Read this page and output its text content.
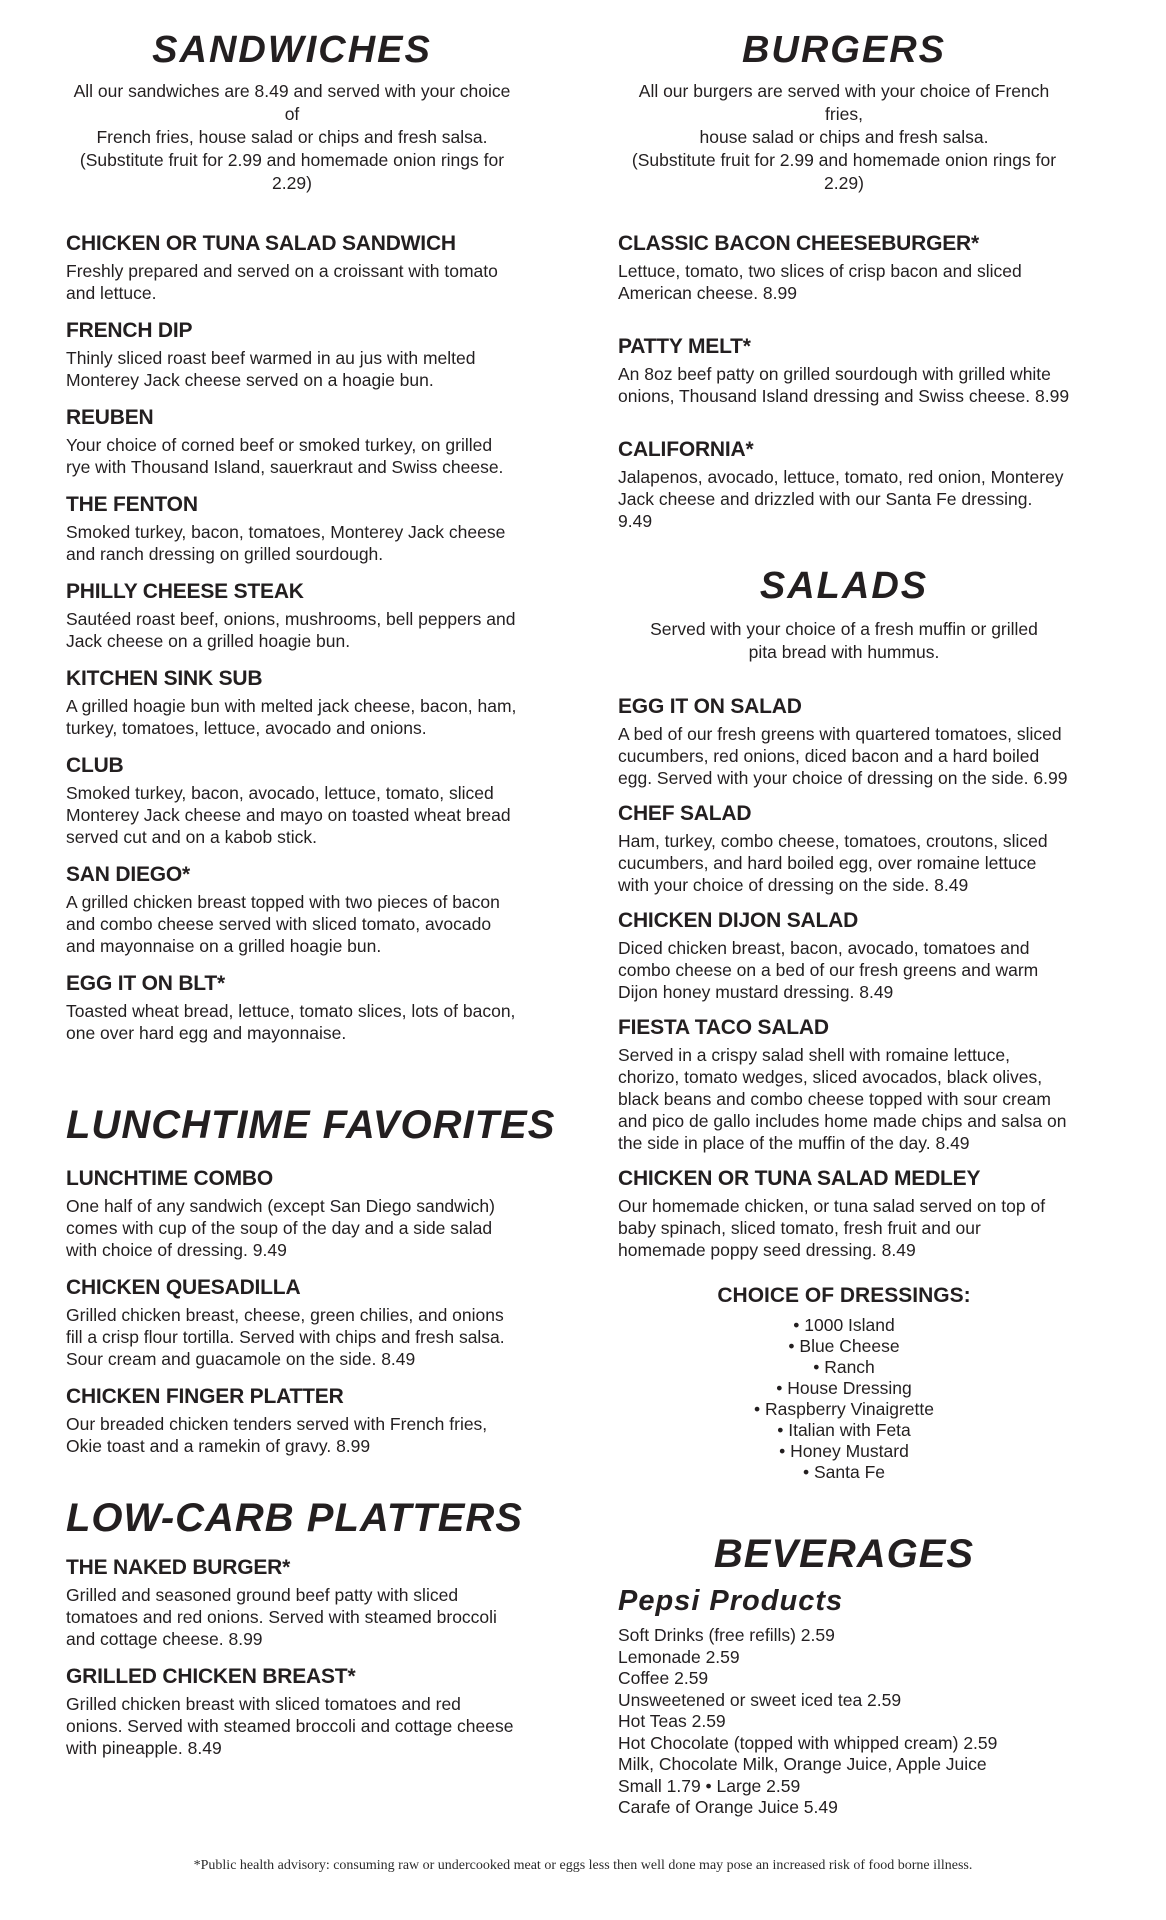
SANDWICHES
All our sandwiches are 8.49 and served with your choice of
French fries, house salad or chips and fresh salsa.
(Substitute fruit for 2.99 and homemade onion rings for 2.29)
CHICKEN OR TUNA SALAD SANDWICH
Freshly prepared and served on a croissant with tomato and lettuce.
FRENCH DIP
Thinly sliced roast beef warmed in au jus with melted Monterey Jack cheese served on a hoagie bun.
REUBEN
Your choice of corned beef or smoked turkey, on grilled rye with Thousand Island, sauerkraut and Swiss cheese.
THE FENTON
Smoked turkey, bacon, tomatoes, Monterey Jack cheese and ranch dressing on grilled sourdough.
PHILLY CHEESE STEAK
Sautéed roast beef, onions, mushrooms, bell peppers and Jack cheese on a grilled hoagie bun.
KITCHEN SINK SUB
A grilled hoagie bun with melted jack cheese, bacon, ham, turkey, tomatoes, lettuce, avocado and onions.
CLUB
Smoked turkey, bacon, avocado, lettuce, tomato, sliced Monterey Jack cheese and mayo on toasted wheat bread served cut and on a kabob stick.
SAN DIEGO*
A grilled chicken breast topped with two pieces of bacon and combo cheese served with sliced tomato, avocado and mayonnaise on a grilled hoagie bun.
EGG IT ON BLT*
Toasted wheat bread, lettuce, tomato slices, lots of bacon, one over hard egg and mayonnaise.
LUNCHTIME FAVORITES
LUNCHTIME COMBO
One half of any sandwich (except San Diego sandwich) comes with cup of the soup of the day and a side salad with choice of dressing. 9.49
CHICKEN QUESADILLA
Grilled chicken breast, cheese, green chilies, and onions fill a crisp flour tortilla. Served with chips and fresh salsa. Sour cream and guacamole on the side. 8.49
CHICKEN FINGER PLATTER
Our breaded chicken tenders served with French fries, Okie toast and a ramekin of gravy. 8.99
LOW-CARB PLATTERS
THE NAKED BURGER*
Grilled and seasoned ground beef patty with sliced tomatoes and red onions. Served with steamed broccoli and cottage cheese. 8.99
GRILLED CHICKEN BREAST*
Grilled chicken breast with sliced tomatoes and red onions. Served with steamed broccoli and cottage cheese with pineapple. 8.49
BURGERS
All our burgers are served with your choice of French fries,
house salad or chips and fresh salsa.
(Substitute fruit for 2.99 and homemade onion rings for 2.29)
CLASSIC BACON CHEESEBURGER*
Lettuce, tomato, two slices of crisp bacon and sliced American cheese. 8.99
PATTY MELT*
An 8oz beef patty on grilled sourdough with grilled white onions, Thousand Island dressing and Swiss cheese. 8.99
CALIFORNIA*
Jalapenos, avocado, lettuce, tomato, red onion, Monterey Jack cheese and drizzled with our Santa Fe dressing. 9.49
SALADS
Served with your choice of a fresh muffin or grilled
pita bread with hummus.
EGG IT ON SALAD
A bed of our fresh greens with quartered tomatoes, sliced cucumbers, red onions, diced bacon and a hard boiled egg. Served with your choice of dressing on the side. 6.99
CHEF SALAD
Ham, turkey, combo cheese, tomatoes, croutons, sliced cucumbers, and hard boiled egg, over romaine lettuce with your choice of dressing on the side. 8.49
CHICKEN DIJON SALAD
Diced chicken breast, bacon, avocado, tomatoes and combo cheese on a bed of our fresh greens and warm Dijon honey mustard dressing. 8.49
FIESTA TACO SALAD
Served in a crispy salad shell with romaine lettuce, chorizo, tomato wedges, sliced avocados, black olives, black beans and combo cheese topped with sour cream and pico de gallo includes home made chips and salsa on the side in place of the muffin of the day. 8.49
CHICKEN OR TUNA SALAD MEDLEY
Our homemade chicken, or tuna salad served on top of baby spinach, sliced tomato, fresh fruit and our homemade poppy seed dressing. 8.49
CHOICE OF DRESSINGS:
• 1000 Island
• Blue Cheese
• Ranch
• House Dressing
• Raspberry Vinaigrette
• Italian with Feta
• Honey Mustard
• Santa Fe
BEVERAGES
Pepsi Products
Soft Drinks (free refills) 2.59
Lemonade 2.59
Coffee 2.59
Unsweetened or sweet iced tea 2.59
Hot Teas 2.59
Hot Chocolate (topped with whipped cream) 2.59
Milk, Chocolate Milk, Orange Juice, Apple Juice
Small 1.79 • Large 2.59
Carafe of Orange Juice 5.49
*Public health advisory: consuming raw or undercooked meat or eggs less then well done may pose an increased risk of food borne illness.
